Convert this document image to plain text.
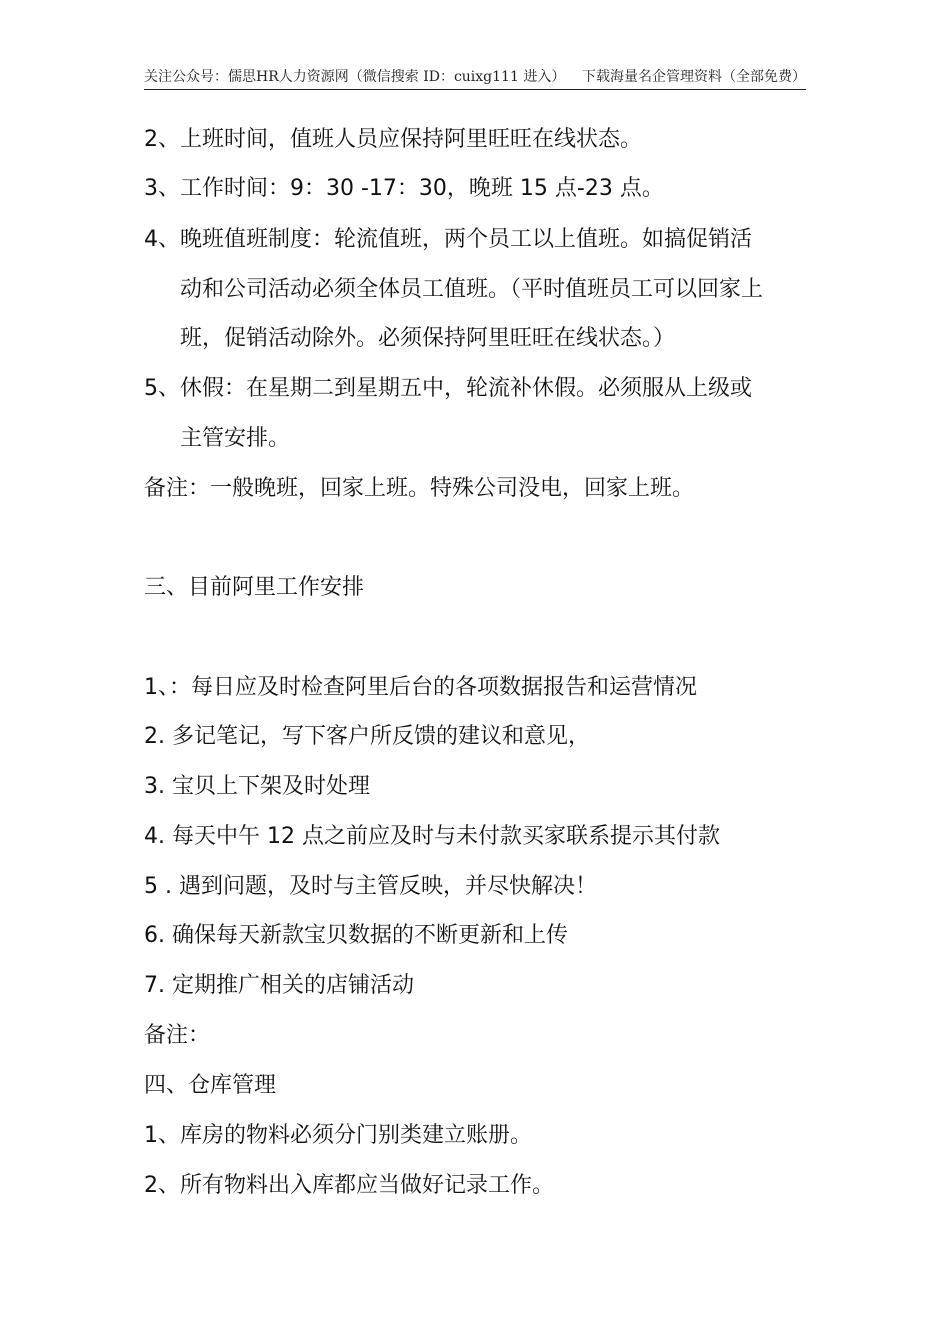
关注公众号：儒思HR人力资源网（微信搜索 ID：cuixg111 进入） 下载海量名企管理资料（全部免费）
2、上班时间，值班人员应保持阿里旺旺在线状态。
3、工作时间：9：30 -17：30，晚班 15 点-23 点。
4、晚班值班制度：轮流值班，两个员工以上值班。如搞促销活
动和公司活动必须全体员工值班。（平时值班员工可以回家上
班，促销活动除外。必须保持阿里旺旺在线状态。）
5、休假：在星期二到星期五中，轮流补休假。必须服从上级或
主管安排。
备注：一般晚班，回家上班。特殊公司没电，回家上班。
三、目前阿里工作安排
1、：每日应及时检查阿里后台的各项数据报告和运营情况
2. 多记笔记，写下客户所反馈的建议和意见，
3. 宝贝上下架及时处理
4. 每天中午 12 点之前应及时与未付款买家联系提示其付款
5 . 遇到问题，及时与主管反映，并尽快解决！
6. 确保每天新款宝贝数据的不断更新和上传
7. 定期推广相关的店铺活动
备注：
四、仓库管理
1、库房的物料必须分门别类建立账册。
2、所有物料出入库都应当做好记录工作。
